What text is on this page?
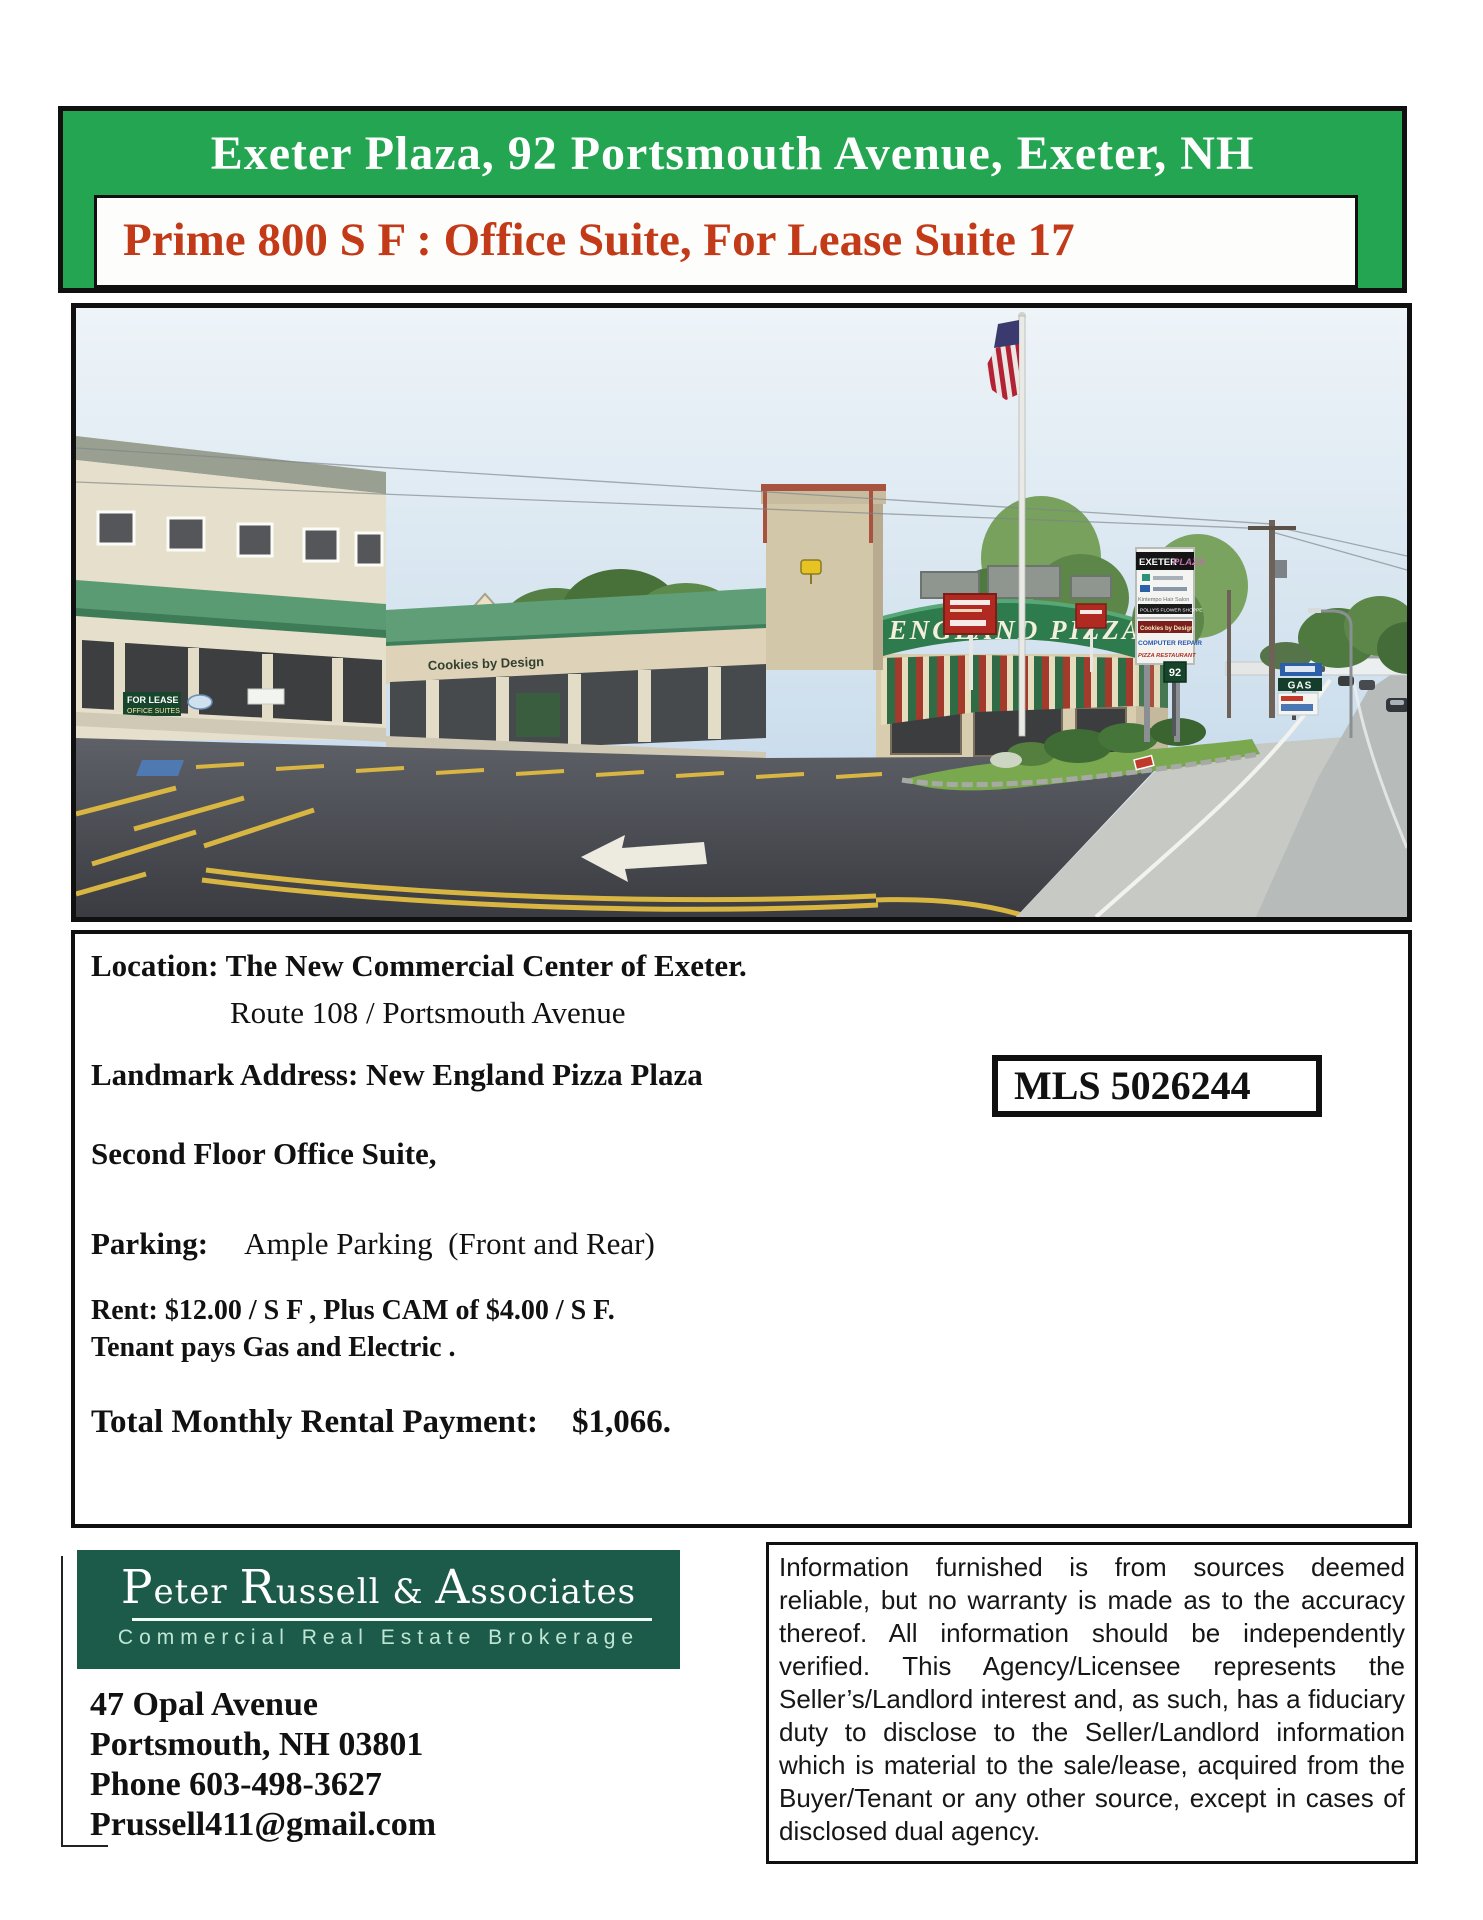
Exeter Plaza, 92 Portsmouth Avenue, Exeter, NH
Prime 800 S F : Office Suite, For Lease Suite 17
FOR LEASE
OFFICE SUITES
Cookies by Design
PIZZA
EXETER
PLAZA
Kintempo Hair Salon
POLLY'S FLOWER SHOPPE
Cookies by Design
COMPUTER REPAIR
PIZZA RESTAURANT
92
GAS
Location: The New Commercial Center of Exeter.
Route 108 / Portsmouth Avenue
Landmark Address: New England Pizza Plaza	MLS 5026244
Second Floor Office Suite,
Parking: Ample Parking  (Front and Rear)
Rent: $12.00 / S F , Plus CAM of $4.00 / S F.
Tenant pays Gas and Electric .
Total Monthly Rental Payment: $1,066.
Peter Russell & Associates
Commercial Real Estate Brokerage
47 Opal Avenue
Portsmouth, NH 03801
Phone 603-498-3627
Prussell411@gmail.com
Information furnished is from sources deemed reliable, but no warranty is made as to the accuracy thereof. All information should be independently verified. This Agency/Licensee represents the Seller’s/Landlord interest and, as such, has a fiduciary duty to disclose to the Seller/Landlord information which is material to the sale/lease, acquired from the Buyer/Tenant or any other source, except in cases of disclosed dual agency.
